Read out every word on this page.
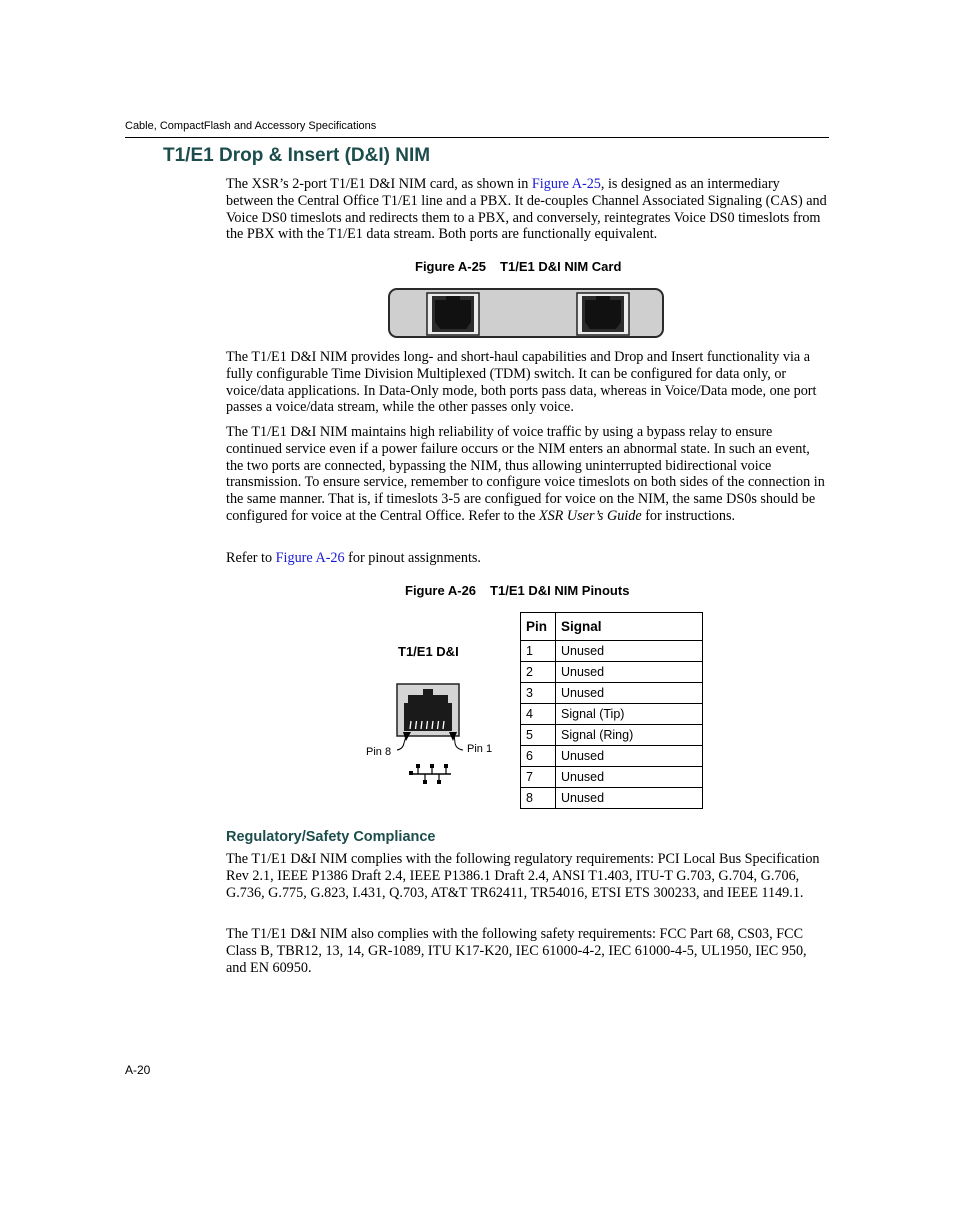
Cable, CompactFlash and Accessory Specifications
T1/E1 Drop & Insert (D&I) NIM

The XSR’s 2-port T1/E1 D&I NIM card, as shown in Figure A-25, is designed as an intermediary between the Central Office T1/E1 line and a PBX. It de-couples Channel Associated Signaling (CAS) and Voice DS0 timeslots and redirects them to a PBX, and conversely, reintegrates Voice DS0 timeslots from the PBX with the T1/E1 data stream. Both ports are functionally equivalent.

Figure A-25 T1/E1 D&I NIM Card

The T1/E1 D&I NIM provides long- and short-haul capabilities and Drop and Insert functionality via a fully configurable Time Division Multiplexed (TDM) switch. It can be configured for data only, or voice/data applications. In Data-Only mode, both ports pass data, whereas in Voice/Data mode, one port passes a voice/data stream, while the other passes only voice.

The T1/E1 D&I NIM maintains high reliability of voice traffic by using a bypass relay to ensure continued service even if a power failure occurs or the NIM enters an abnormal state. In such an event, the two ports are connected, bypassing the NIM, thus allowing uninterrupted bidirectional voice transmission. To ensure service, remember to configure voice timeslots on both sides of the connection in the same manner. That is, if timeslots 3-5 are configued for voice on the NIM, the same DS0s should be configured for voice at the Central Office. Refer to the XSR User’s Guide for instructions.

Refer to Figure A-26 for pinout assignments.

Figure A-26 T1/E1 D&I NIM Pinouts
T1/E1 D&I
Pin 8	Pin 1
Pin	Signal
1	Unused
2	Unused
3	Unused
4	Signal (Tip)
5	Signal (Ring)
6	Unused
7	Unused
8	Unused
Regulatory/Safety Compliance

The T1/E1 D&I NIM complies with the following regulatory requirements: PCI Local Bus Specification Rev 2.1, IEEE P1386 Draft 2.4, IEEE P1386.1 Draft 2.4, ANSI T1.403, ITU-T G.703, G.704, G.706, G.736, G.775, G.823, I.431, Q.703, AT&T TR62411, TR54016, ETSI ETS 300233, and IEEE 1149.1.

The T1/E1 D&I NIM also complies with the following safety requirements: FCC Part 68, CS03, FCC Class B, TBR12, 13, 14, GR-1089, ITU K17-K20, IEC 61000-4-2, IEC 61000-4-5, UL1950, IEC 950, and EN 60950.

A-20
